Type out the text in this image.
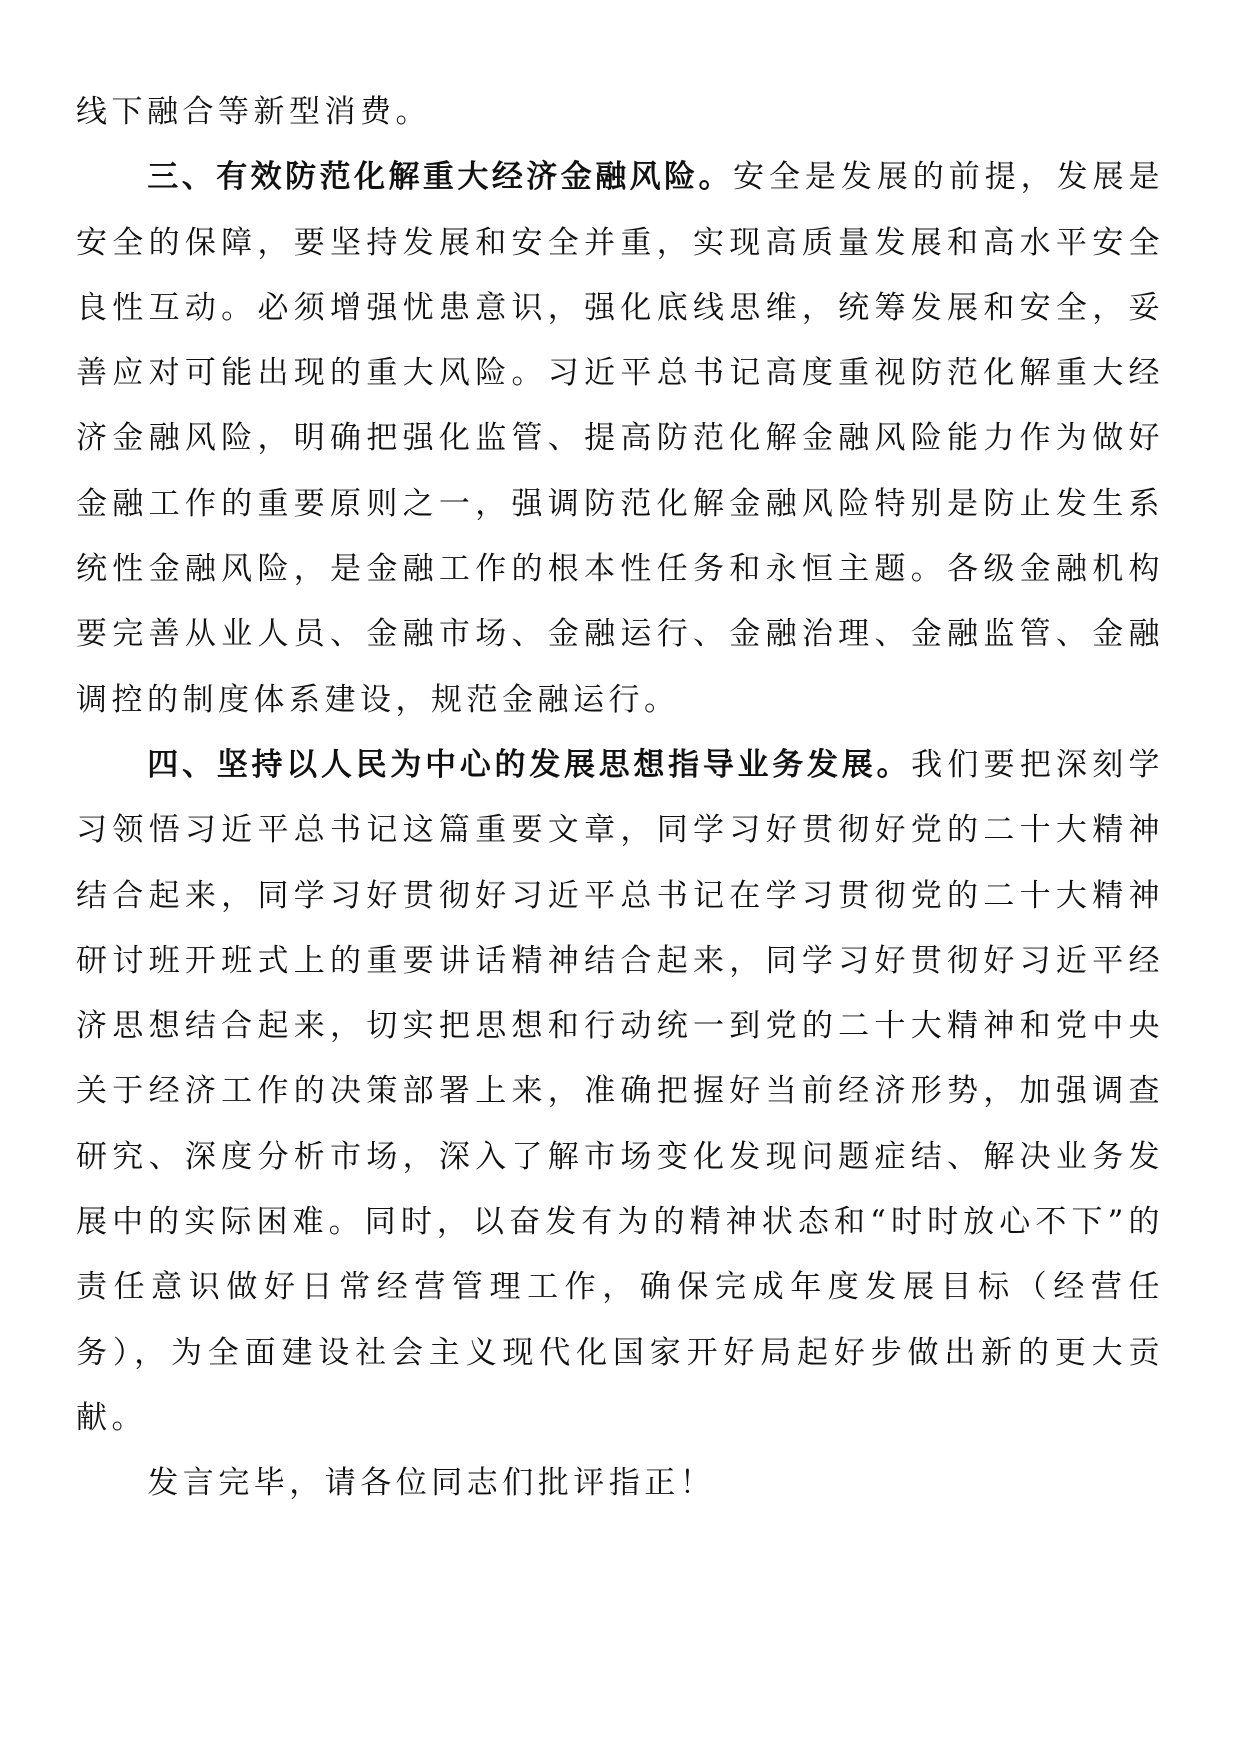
线下融合等新型消费。

三、有效防范化解重大经济金融风险。安全是发展的前提，发展是安全的保障，要坚持发展和安全并重，实现高质量发展和高水平安全良性互动。必须增强忧患意识，强化底线思维，统筹发展和安全，妥善应对可能出现的重大风险。习近平总书记高度重视防范化解重大经济金融风险，明确把强化监管、提高防范化解金融风险能力作为做好金融工作的重要原则之一，强调防范化解金融风险特别是防止发生系统性金融风险，是金融工作的根本性任务和永恒主题。各级金融机构要完善从业人员、金融市场、金融运行、金融治理、金融监管、金融调控的制度体系建设，规范金融运行。

四、坚持以人民为中心的发展思想指导业务发展。我们要把深刻学习领悟习近平总书记这篇重要文章，同学习好贯彻好党的二十大精神结合起来，同学习好贯彻好习近平总书记在学习贯彻党的二十大精神研讨班开班式上的重要讲话精神结合起来，同学习好贯彻好习近平经济思想结合起来，切实把思想和行动统一到党的二十大精神和党中央关于经济工作的决策部署上来，准确把握好当前经济形势，加强调查研究、深度分析市场，深入了解市场变化发现问题症结、解决业务发展中的实际困难。同时，以奋发有为的精神状态和“时时放心不下”的责任意识做好日常经营管理工作，确保完成年度发展目标（经营任务），为全面建设社会主义现代化国家开好局起好步做出新的更大贡献。

发言完毕，请各位同志们批评指正！
